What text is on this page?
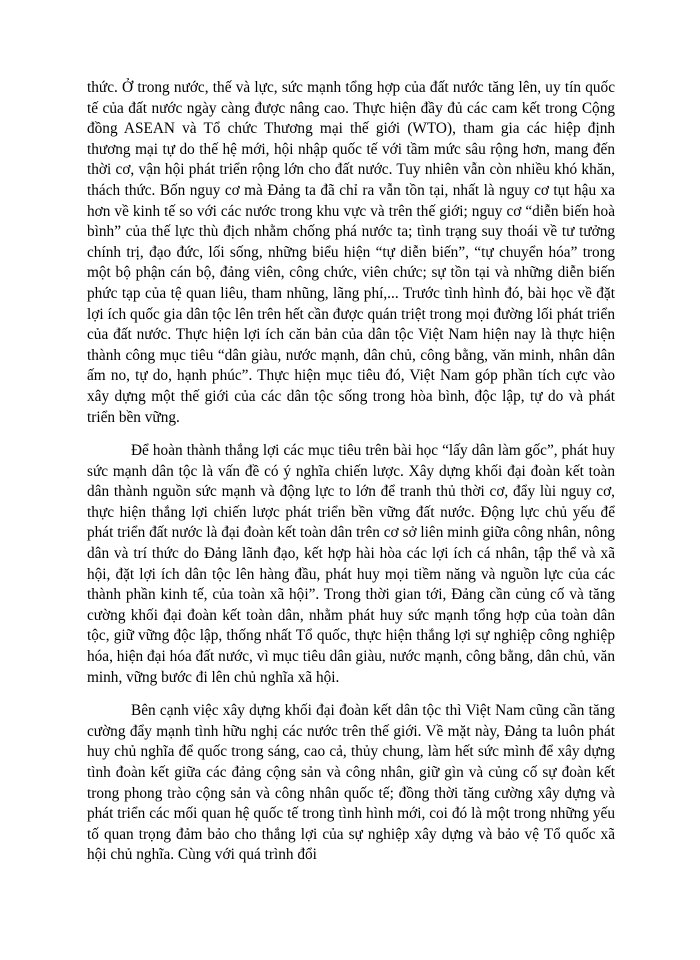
thức. Ở trong nước, thế và lực, sức mạnh tổng hợp của đất nước tăng lên, uy tín quốc tế của đất nước ngày càng được nâng cao. Thực hiện đầy đủ các cam kết trong Cộng đồng ASEAN và Tổ chức Thương mại thế giới (WTO), tham gia các hiệp định thương mại tự do thế hệ mới, hội nhập quốc tế với tầm mức sâu rộng hơn, mang đến thời cơ, vận hội phát triển rộng lớn cho đất nước. Tuy nhiên vẫn còn nhiều khó khăn, thách thức. Bốn nguy cơ mà Đảng ta đã chỉ ra vẫn tồn tại, nhất là nguy cơ tụt hậu xa hơn về kinh tế so với các nước trong khu vực và trên thế giới; nguy cơ “diễn biến hoà bình” của thế lực thù địch nhằm chống phá nước ta; tình trạng suy thoái về tư tưởng chính trị, đạo đức, lối sống, những biểu hiện “tự diễn biến”, “tự chuyển hóa” trong một bộ phận cán bộ, đảng viên, công chức, viên chức; sự tồn tại và những diễn biến phức tạp của tệ quan liêu, tham nhũng, lãng phí,... Trước tình hình đó, bài học về đặt lợi ích quốc gia dân tộc lên trên hết cần được quán triệt trong mọi đường lối phát triển của đất nước. Thực hiện lợi ích căn bản của dân tộc Việt Nam hiện nay là thực hiện thành công mục tiêu “dân giàu, nước mạnh, dân chủ, công bằng, văn minh, nhân dân ấm no, tự do, hạnh phúc”. Thực hiện mục tiêu đó, Việt Nam góp phần tích cực vào xây dựng một thế giới của các dân tộc sống trong hòa bình, độc lập, tự do và phát triển bền vững.

Để hoàn thành thắng lợi các mục tiêu trên bài học “lấy dân làm gốc”, phát huy sức mạnh dân tộc là vấn đề có ý nghĩa chiến lược. Xây dựng khối đại đoàn kết toàn dân thành nguồn sức mạnh và động lực to lớn để tranh thủ thời cơ, đẩy lùi nguy cơ, thực hiện thắng lợi chiến lược phát triển bền vững đất nước. Động lực chủ yếu để phát triển đất nước là đại đoàn kết toàn dân trên cơ sở liên minh giữa công nhân, nông dân và trí thức do Đảng lãnh đạo, kết hợp hài hòa các lợi ích cá nhân, tập thể và xã hội, đặt lợi ích dân tộc lên hàng đầu, phát huy mọi tiềm năng và nguồn lực của các thành phần kinh tế, của toàn xã hội”. Trong thời gian tới, Đảng cần củng cố và tăng cường khối đại đoàn kết toàn dân, nhằm phát huy sức mạnh tổng hợp của toàn dân tộc, giữ vững độc lập, thống nhất Tổ quốc, thực hiện thắng lợi sự nghiệp công nghiệp hóa, hiện đại hóa đất nước, vì mục tiêu dân giàu, nước mạnh, công bằng, dân chủ, văn minh, vững bước đi lên chủ nghĩa xã hội.

Bên cạnh việc xây dựng khối đại đoàn kết dân tộc thì Việt Nam cũng cần tăng cường đẩy mạnh tình hữu nghị các nước trên thế giới. Về mặt này, Đảng ta luôn phát huy chủ nghĩa để quốc trong sáng, cao cả, thủy chung, làm hết sức mình để xây dựng tình đoàn kết giữa các đảng cộng sản và công nhân, giữ gìn và củng cố sự đoàn kết trong phong trào cộng sản và công nhân quốc tế; đồng thời tăng cường xây dựng và phát triển các mối quan hệ quốc tế trong tình hình mới, coi đó là một trong những yếu tố quan trọng đảm bảo cho thắng lợi của sự nghiệp xây dựng và bảo vệ Tổ quốc xã hội chủ nghĩa. Cùng với quá trình đổi
